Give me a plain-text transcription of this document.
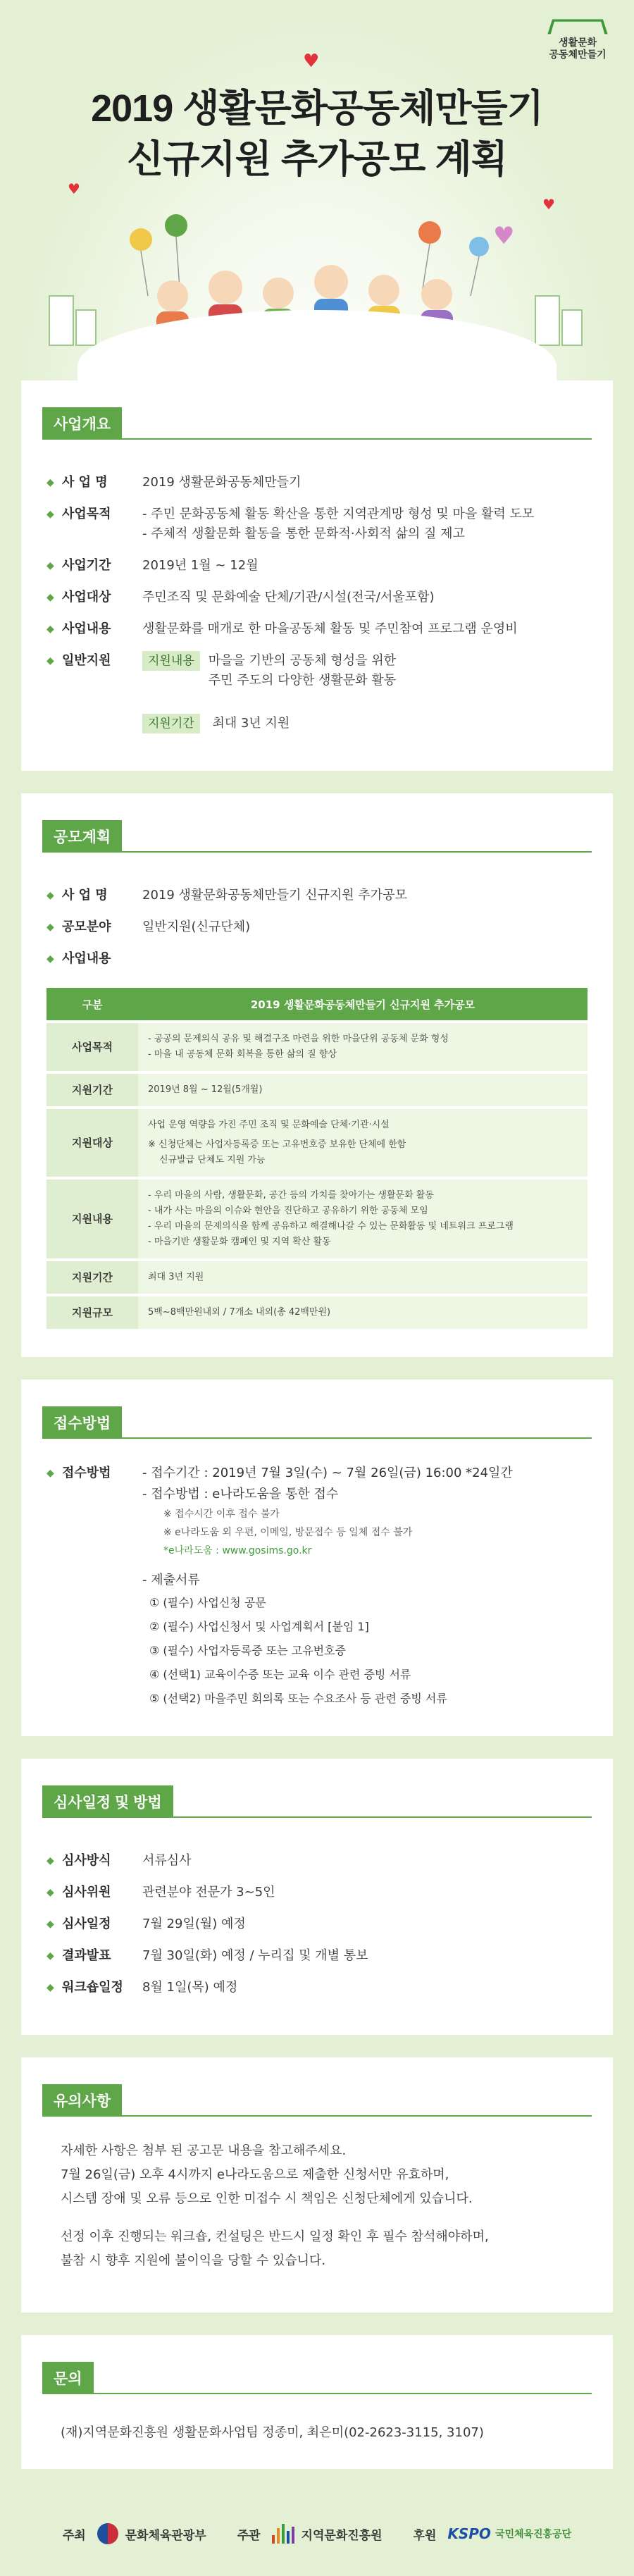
생활문화
공동체만들기
♥
♥
♥
♥
2019 생활문화공동체만들기
신규지원 추가공모 계획
사업개요
◆ 사 업 명	2019 생활문화공동체만들기
◆ 사업목적	- 주민 문화공동체 활동 확산을 통한 지역관계망 형성 및 마을 활력 도모
- 주체적 생활문화 활동을 통한 문화적·사회적 삶의 질 제고
◆ 사업기간	2019년 1월 ~ 12월
◆ 사업대상	주민조직 및 문화예술 단체/기관/시설(전국/서울포함)
◆ 사업내용	생활문화를 매개로 한 마을공동체 활동 및 주민참여 프로그램 운영비
◆ 일반지원	지원내용	마을을 기반의 공동체 형성을 위한
주민 주도의 다양한 생활문화 활동
지원기간 최대 3년 지원
공모계획
◆ 사 업 명	2019 생활문화공동체만들기 신규지원 추가공모
◆ 공모분야	일반지원(신규단체)
◆ 사업내용
구분	2019 생활문화공동체만들기 신규지원 추가공모
사업목적	- 공공의 문제의식 공유 및 해결구조 마련을 위한 마을단위 공동체 문화 형성
- 마을 내 공동체 문화 회복을 통한 삶의 질 향상

지원기간	2019년 8월 ~ 12월(5개월)

지원대상	사업 운영 역량을 가진 주민 조직 및 문화예술 단체·기관·시설
※ 신청단체는 사업자등록증 또는 고유번호증 보유한 단체에 한함
신규발급 단체도 지원 가능

지원내용	- 우리 마을의 사람, 생활문화, 공간 등의 가치를 찾아가는 생활문화 활동
- 내가 사는 마을의 이슈와 현안을 진단하고 공유하기 위한 공동체 모임
- 우리 마을의 문제의식을 함께 공유하고 해결해나갈 수 있는 문화활동 및 네트워크 프로그램
- 마을기반 생활문화 캠페인 및 지역 확산 활동

지원기간	최대 3년 지원

지원규모	5백~8백만원내외 / 7개소 내외(총 42백만원)
접수방법
◆ 접수방법	- 접수기간 : 2019년 7월 3일(수) ~ 7월 26일(금) 16:00 *24일간
- 접수방법 : e나라도움을 통한 접수
※ 접수시간 이후 접수 불가
※ e나라도움 외 우편, 이메일, 방문접수 등 일체 접수 불가
*e나라도움 : www.gosims.go.kr
- 제출서류
① (필수) 사업신청 공문
② (필수) 사업신청서 및 사업계획서 [붙임 1]
③ (필수) 사업자등록증 또는 고유번호증
④ (선택1) 교육이수증 또는 교육 이수 관련 증빙 서류
⑤ (선택2) 마을주민 회의록 또는 수요조사 등 관련 증빙 서류
심사일정 및 방법
◆ 심사방식	서류심사
◆ 심사위원	관련분야 전문가 3~5인
◆ 심사일정	7월 29일(월) 예정
◆ 결과발표	7월 30일(화) 예정 / 누리집 및 개별 통보
◆ 워크숍일정	8월 1일(목) 예정
유의사항

자세한 사항은 첨부 된 공고문 내용을 참고해주세요.
7월 26일(금) 오후 4시까지 e나라도움으로 제출한 신청서만 유효하며,
시스템 장애 및 오류 등으로 인한 미접수 시 책임은 신청단체에게 있습니다.

선정 이후 진행되는 워크숍, 컨설팅은 반드시 일정 확인 후 필수 참석해야하며,
불참 시 향후 지원에 불이익을 당할 수 있습니다.

문의
(재)지역문화진흥원 생활문화사업팀 정종미, 최은미(02-2623-3115, 3107)
주최	문화체육관광부	주관	지역문화진흥원	후원 KSPO 국민체육진흥공단
